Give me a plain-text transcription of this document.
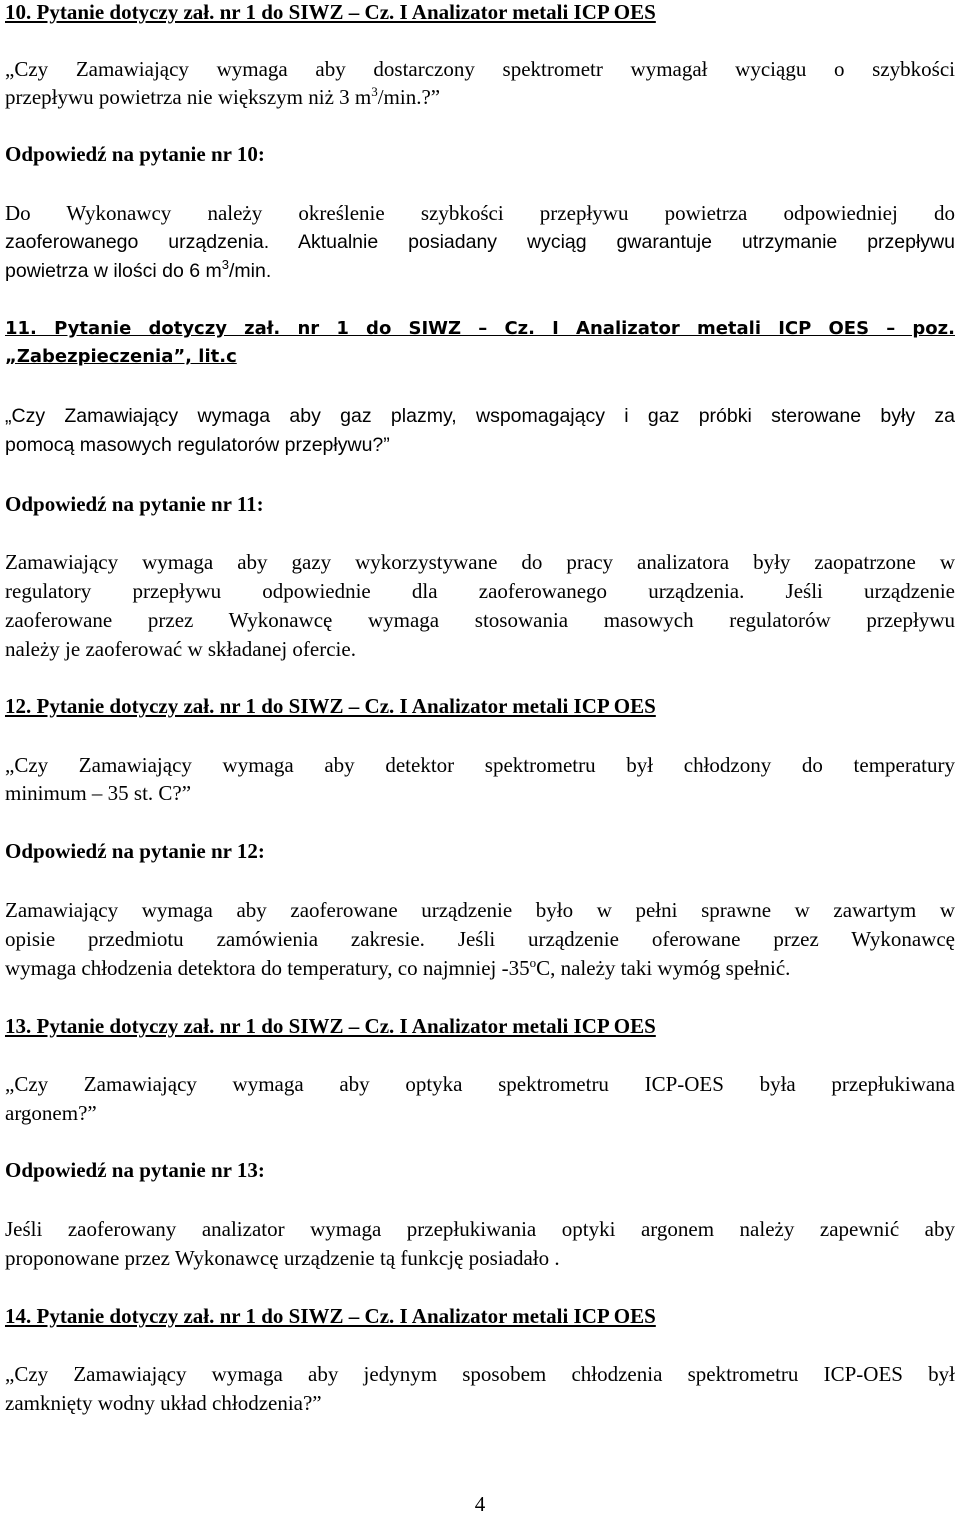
10. Pytanie dotyczy zał. nr 1 do SIWZ – Cz. I Analizator metali ICP OES
„Czy Zamawiający wymaga aby dostarczony spektrometr wymagał wyciągu o szybkości
przepływu powietrza nie większym niż 3 $m^3/\min$.?”
Odpowiedź na pytanie nr 10:
Do Wykonawcy należy określenie szybkości przepływu powietrza odpowiedniej do
zaoferowanego urządzenia. Aktualnie posiadany wyciąg gwarantuje utrzymanie przepływu
powietrza w ilości do 6 $m^3/\min$.
11. Pytanie dotyczy zał. nr 1 do SIWZ – Cz. I Analizator metali ICP OES – poz.
„Zabezpieczenia”, lit.c
„Czy Zamawiający wymaga aby gaz plazmy, wspomagający i gaz próbki sterowane były za
pomocą masowych regulatorów przepływu?”
Odpowiedź na pytanie nr 11:
Zamawiający wymaga aby gazy wykorzystywane do pracy analizatora były zaopatrzone w
regulatory przepływu odpowiednie dla zaoferowanego urządzenia. Jeśli urządzenie
zaoferowane przez Wykonawcę wymaga stosowania masowych regulatorów przepływu
należy je zaoferować w składanej ofercie.
12. Pytanie dotyczy zał. nr 1 do SIWZ – Cz. I Analizator metali ICP OES
„Czy Zamawiający wymaga aby detektor spektrometru był chłodzony do temperatury
minimum – 35 st. C?”
Odpowiedź na pytanie nr 12:
Zamawiający wymaga aby zaoferowane urządzenie było w pełni sprawne w zawartym w
opisie przedmiotu zamówienia zakresie. Jeśli urządzenie oferowane przez Wykonawcę
wymaga chłodzenia detektora do temperatury, co najmniej -35$^o$C, należy taki wymóg spełnić.
13. Pytanie dotyczy zał. nr 1 do SIWZ – Cz. I Analizator metali ICP OES
„Czy Zamawiający wymaga aby optyka spektrometru ICP-OES była przepłukiwana
argonem?”
Odpowiedź na pytanie nr 13:
Jeśli zaoferowany analizator wymaga przepłukiwania optyki argonem należy zapewnić aby
proponowane przez Wykonawcę urządzenie tą funkcję posiadało .
14. Pytanie dotyczy zał. nr 1 do SIWZ – Cz. I Analizator metali ICP OES
„Czy Zamawiający wymaga aby jedynym sposobem chłodzenia spektrometru ICP-OES był
zamknięty wodny układ chłodzenia?”
4
